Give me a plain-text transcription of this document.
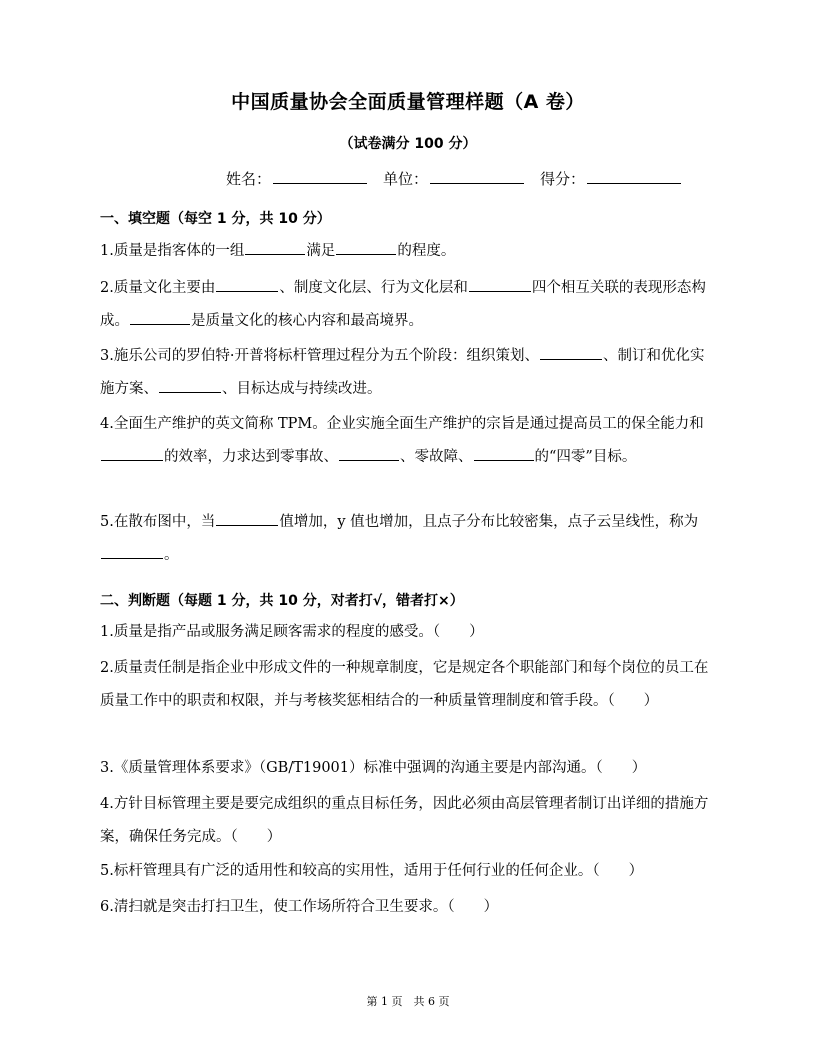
中国质量协会全面质量管理样题（A 卷）
（试卷满分 100 分）
姓名：	单位：	得分：
一、填空题（每空 1 分，共 10 分）
1.质量是指客体的一组	满足	的程度。
2.质量文化主要由	、制度文化层、行为文化层和	四个相互关联的表现形态构成。	是质量文化的核心内容和最高境界。
3.施乐公司的罗伯特·开普将标杆管理过程分为五个阶段：组织策划、	、制订和优化实施方案、	、目标达成与持续改进。
4.全面生产维护的英文简称 TPM。企业实施全面生产维护的宗旨是通过提高员工的保全能力和的效率，力求达到零事故、	、零故障、	的“四零”目标。
5.在散布图中，当	值增加，y 值也增加，且点子分布比较密集，点子云呈线性，称为。
二、判断题（每题 1 分，共 10 分，对者打√，错者打×）
1.质量是指产品或服务满足顾客需求的程度的感受。（　　）
2.质量责任制是指企业中形成文件的一种规章制度，它是规定各个职能部门和每个岗位的员工在质量工作中的职责和权限，并与考核奖惩相结合的一种质量管理制度和管手段。（　　）
3.《质量管理体系要求》（GB/T19001）标准中强调的沟通主要是内部沟通。（　　）
4.方针目标管理主要是要完成组织的重点目标任务，因此必须由高层管理者制订出详细的措施方案，确保任务完成。（　　）
5.标杆管理具有广泛的适用性和较高的实用性，适用于任何行业的任何企业。（　　）
6.清扫就是突击打扫卫生，使工作场所符合卫生要求。（　　）
第 1 页　共 6 页
